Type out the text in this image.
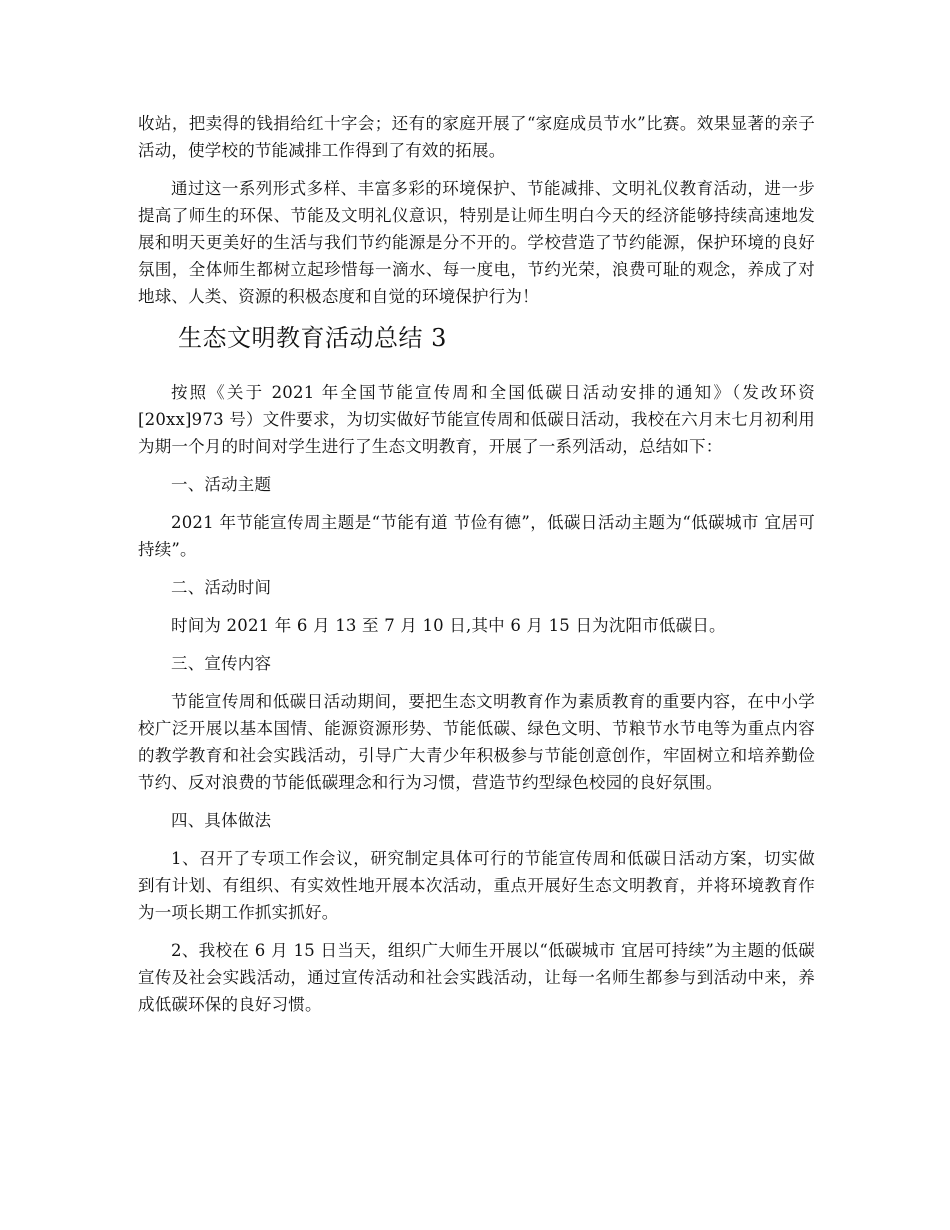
收站，把卖得的钱捐给红十字会；还有的家庭开展了“家庭成员节水”比赛。效果显著的亲子活动，使学校的节能减排工作得到了有效的拓展。

通过这一系列形式多样、丰富多彩的环境保护、节能减排、文明礼仪教育活动，进一步提高了师生的环保、节能及文明礼仪意识，特别是让师生明白今天的经济能够持续高速地发展和明天更美好的生活与我们节约能源是分不开的。学校营造了节约能源，保护环境的良好氛围，全体师生都树立起珍惜每一滴水、每一度电，节约光荣，浪费可耻的观念，养成了对地球、人类、资源的积极态度和自觉的环境保护行为！

生态文明教育活动总结 3

按照《关于 2021 年全国节能宣传周和全国低碳日活动安排的通知》（发改环资[20xx]973 号）文件要求，为切实做好节能宣传周和低碳日活动，我校在六月末七月初利用为期一个月的时间对学生进行了生态文明教育，开展了一系列活动，总结如下：

一、活动主题

2021 年节能宣传周主题是“节能有道 节俭有德”，低碳日活动主题为“低碳城市 宜居可持续”。

二、活动时间

时间为 2021 年 6 月 13 至 7 月 10 日,其中 6 月 15 日为沈阳市低碳日。

三、宣传内容

节能宣传周和低碳日活动期间，要把生态文明教育作为素质教育的重要内容，在中小学校广泛开展以基本国情、能源资源形势、节能低碳、绿色文明、节粮节水节电等为重点内容的教学教育和社会实践活动，引导广大青少年积极参与节能创意创作，牢固树立和培养勤俭节约、反对浪费的节能低碳理念和行为习惯，营造节约型绿色校园的良好氛围。

四、具体做法

1、召开了专项工作会议，研究制定具体可行的节能宣传周和低碳日活动方案，切实做到有计划、有组织、有实效性地开展本次活动，重点开展好生态文明教育，并将环境教育作为一项长期工作抓实抓好。

2、我校在 6 月 15 日当天，组织广大师生开展以“低碳城市 宜居可持续”为主题的低碳宣传及社会实践活动，通过宣传活动和社会实践活动，让每一名师生都参与到活动中来，养成低碳环保的良好习惯。
